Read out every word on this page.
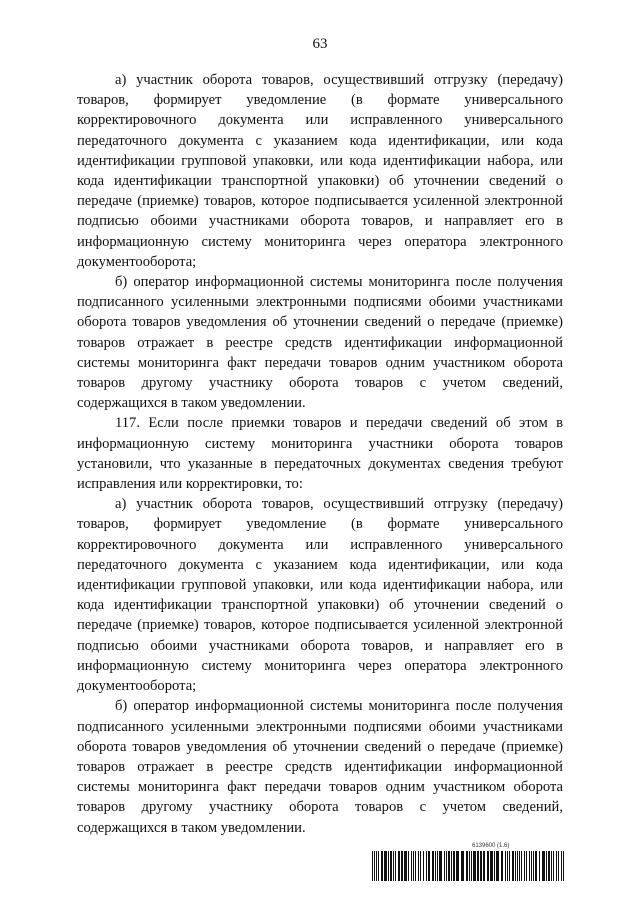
63

а) участник оборота товаров, осуществивший отгрузку (передачу) товаров, формирует уведомление (в формате универсального корректировочного документа или исправленного универсального передаточного документа с указанием кода идентификации, или кода идентификации групповой упаковки, или кода идентификации набора, или кода идентификации транспортной упаковки) об уточнении сведений о передаче (приемке) товаров, которое подписывается усиленной электронной подписью обоими участниками оборота товаров, и направляет его в информационную систему мониторинга через оператора электронного документооборота;

б) оператор информационной системы мониторинга после получения подписанного усиленными электронными подписями обоими участниками оборота товаров уведомления об уточнении сведений о передаче (приемке) товаров отражает в реестре средств идентификации информационной системы мониторинга факт передачи товаров одним участником оборота товаров другому участнику оборота товаров с учетом сведений, содержащихся в таком уведомлении.

117. Если после приемки товаров и передачи сведений об этом в информационную систему мониторинга участники оборота товаров установили, что указанные в передаточных документах сведения требуют исправления или корректировки, то:

а) участник оборота товаров, осуществивший отгрузку (передачу) товаров, формирует уведомление (в формате универсального корректировочного документа или исправленного универсального передаточного документа с указанием кода идентификации, или кода идентификации групповой упаковки, или кода идентификации набора, или кода идентификации транспортной упаковки) об уточнении сведений о передаче (приемке) товаров, которое подписывается усиленной электронной подписью обоими участниками оборота товаров, и направляет его в информационную систему мониторинга через оператора электронного документооборота;

б) оператор информационной системы мониторинга после получения подписанного усиленными электронными подписями обоими участниками оборота товаров уведомления об уточнении сведений о передаче (приемке) товаров отражает в реестре средств идентификации информационной системы мониторинга факт передачи товаров одним участником оборота товаров другому участнику оборота товаров с учетом сведений, содержащихся в таком уведомлении.

6139600 (1.6)
